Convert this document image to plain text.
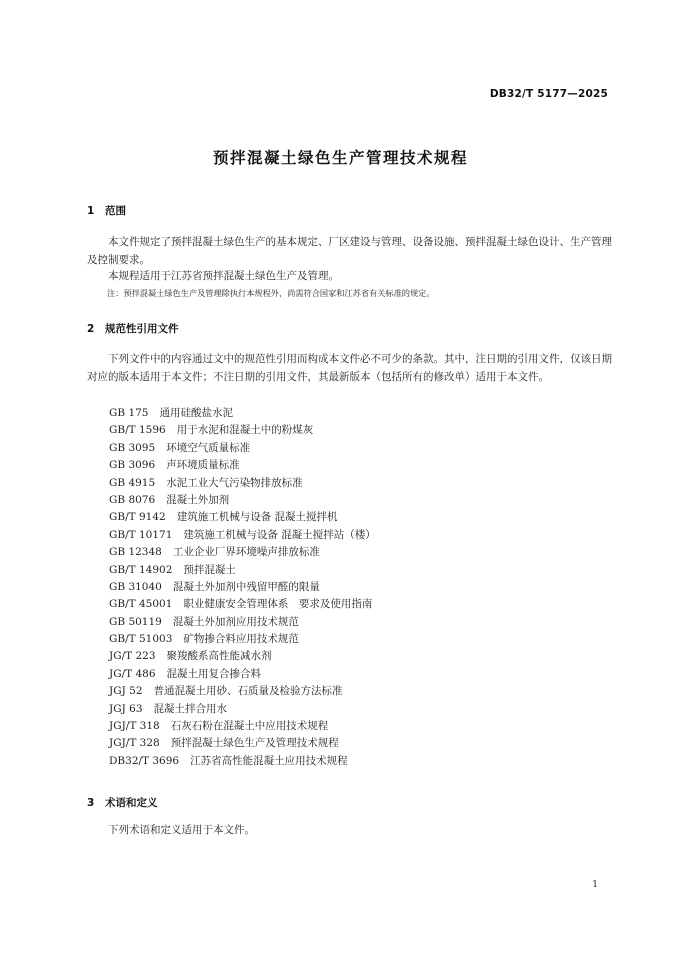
DB32/T 5177—2025
预拌混凝土绿色生产管理技术规程
1 范围
本文件规定了预拌混凝土绿色生产的基本规定、厂区建设与管理、设备设施、预拌混凝土绿色设计、生产管理及控制要求。
本规程适用于江苏省预拌混凝土绿色生产及管理。
注：预拌混凝土绿色生产及管理除执行本规程外，尚需符合国家和江苏省有关标准的规定。
2 规范性引用文件
下列文件中的内容通过文中的规范性引用而构成本文件必不可少的条款。其中，注日期的引用文件，仅该日期对应的版本适用于本文件；不注日期的引用文件，其最新版本（包括所有的修改单）适用于本文件。
GB 175 通用硅酸盐水泥
GB/T 1596 用于水泥和混凝土中的粉煤灰
GB 3095 环境空气质量标准
GB 3096 声环境质量标准
GB 4915 水泥工业大气污染物排放标准
GB 8076 混凝土外加剂
GB/T 9142 建筑施工机械与设备 混凝土搅拌机
GB/T 10171 建筑施工机械与设备 混凝土搅拌站（楼）
GB 12348 工业企业厂界环境噪声排放标准
GB/T 14902 预拌混凝土
GB 31040 混凝土外加剂中残留甲醛的限量
GB/T 45001 职业健康安全管理体系　要求及使用指南
GB 50119 混凝土外加剂应用技术规范
GB/T 51003 矿物掺合料应用技术规范
JG/T 223 聚羧酸系高性能减水剂
JG/T 486 混凝土用复合掺合料
JGJ 52 普通混凝土用砂、石质量及检验方法标准
JGJ 63 混凝土拌合用水
JGJ/T 318 石灰石粉在混凝土中应用技术规程
JGJ/T 328 预拌混凝土绿色生产及管理技术规程
DB32/T 3696 江苏省高性能混凝土应用技术规程
3 术语和定义
下列术语和定义适用于本文件。
1
